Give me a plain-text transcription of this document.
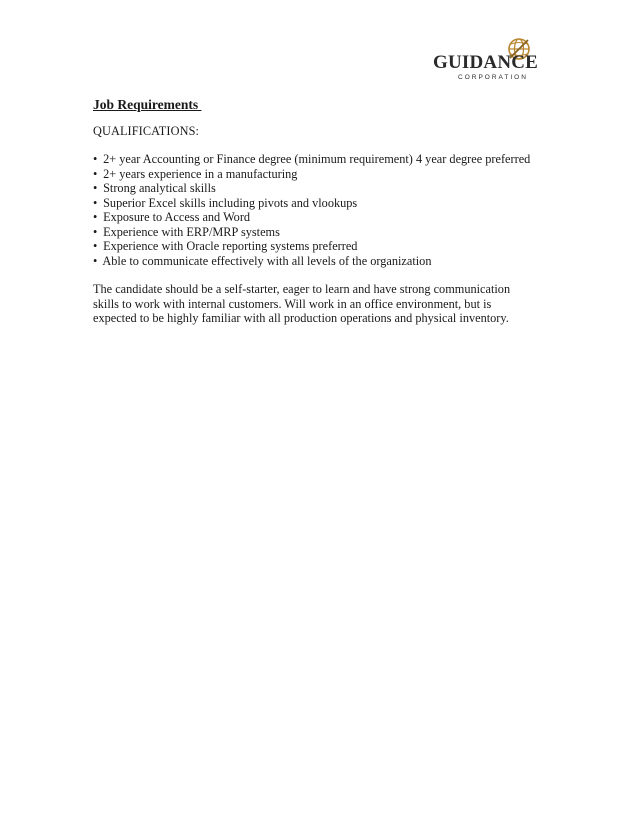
GUIDANCE
CORPORATION
Job Requirements
QUALIFICATIONS:
• 2+ year Accounting or Finance degree (minimum requirement) 4 year degree preferred
• 2+ years experience in a manufacturing
• Strong analytical skills
• Superior Excel skills including pivots and vlookups
• Exposure to Access and Word
• Experience with ERP/MRP systems
• Experience with Oracle reporting systems preferred
• Able to communicate effectively with all levels of the organization

The candidate should be a self-starter, eager to learn and have strong communication skills to work with internal customers. Will work in an office environment, but is expected to be highly familiar with all production operations and physical inventory.
